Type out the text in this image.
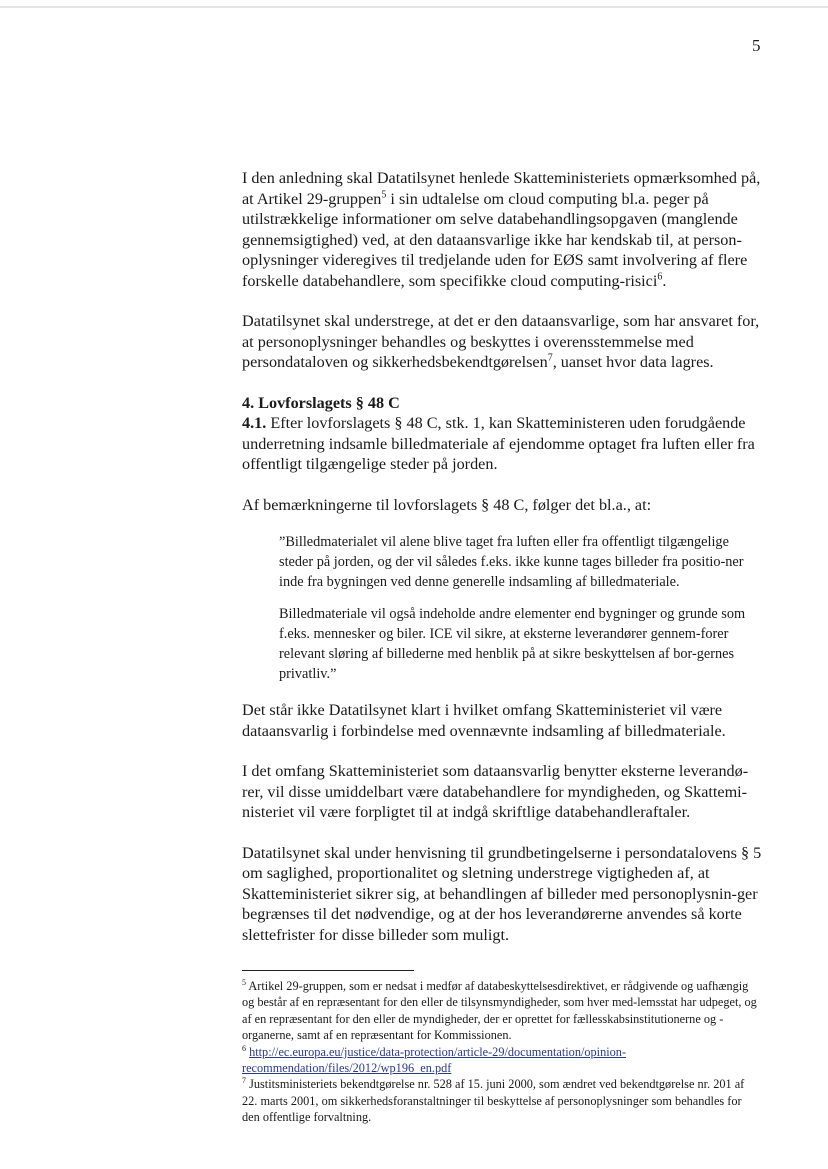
5

I den anledning skal Datatilsynet henlede Skatteministeriets opmærksomhed på, at Artikel 29-gruppen$^5$ i sin udtalelse om cloud computing bl.a. peger på utilstrækkelige informationer om selve databehandlingsopgaven (manglende gennemsigtighed) ved, at den dataansvarlige ikke har kendskab til, at person-oplysninger videregives til tredjelande uden for EØS samt involvering af flere forskelle databehandlere, som specifikke cloud computing-risici$^6$.

Datatilsynet skal understrege, at det er den dataansvarlige, som har ansvaret for, at personoplysninger behandles og beskyttes i overensstemmelse med persondataloven og sikkerhedsbekendtgørelsen$^7$, uanset hvor data lagres.

4. Lovforslagets § 48 C

4.1. Efter lovforslagets § 48 C, stk. 1, kan Skatteministeren uden forudgående underretning indsamle billedmateriale af ejendomme optaget fra luften eller fra offentligt tilgængelige steder på jorden.

Af bemærkningerne til lovforslagets § 48 C, følger det bl.a., at:

”Billedmaterialet vil alene blive taget fra luften eller fra offentligt tilgængelige steder på jorden, og der vil således f.eks. ikke kunne tages billeder fra positio-ner inde fra bygningen ved denne generelle indsamling af billedmateriale.

Billedmateriale vil også indeholde andre elementer end bygninger og grunde som f.eks. mennesker og biler. ICE vil sikre, at eksterne leverandører gennem-forer relevant sløring af billederne med henblik på at sikre beskyttelsen af bor-gernes privatliv.”

Det står ikke Datatilsynet klart i hvilket omfang Skatteministeriet vil være dataansvarlig i forbindelse med ovennævnte indsamling af billedmateriale.

I det omfang Skatteministeriet som dataansvarlig benytter eksterne leverandø-rer, vil disse umiddelbart være databehandlere for myndigheden, og Skattemi-nisteriet vil være forpligtet til at indgå skriftlige databehandleraftaler.

Datatilsynet skal under henvisning til grundbetingelserne i persondatalovens § 5 om saglighed, proportionalitet og sletning understrege vigtigheden af, at Skatteministeriet sikrer sig, at behandlingen af billeder med personoplysnin-ger begrænses til det nødvendige, og at der hos leverandørerne anvendes så korte slettefrister for disse billeder som muligt.

$^5$ Artikel 29-gruppen, som er nedsat i medfør af databeskyttelsesdirektivet, er rådgivende og uafhængig og består af en repræsentant for den eller de tilsynsmyndigheder, som hver med-lemsstat har udpeget, og af en repræsentant for den eller de myndigheder, der er oprettet for fællesskabsinstitutionerne og -organerne, samt af en repræsentant for Kommissionen.

$^6$ http://ec.europa.eu/justice/data-protection/article-29/documentation/opinion-recommendation/files/2012/wp196_en.pdf

$^7$ Justitsministeriets bekendtgørelse nr. 528 af 15. juni 2000, som ændret ved bekendtgørelse nr. 201 af 22. marts 2001, om sikkerhedsforanstaltninger til beskyttelse af personoplysninger som behandles for den offentlige forvaltning.
